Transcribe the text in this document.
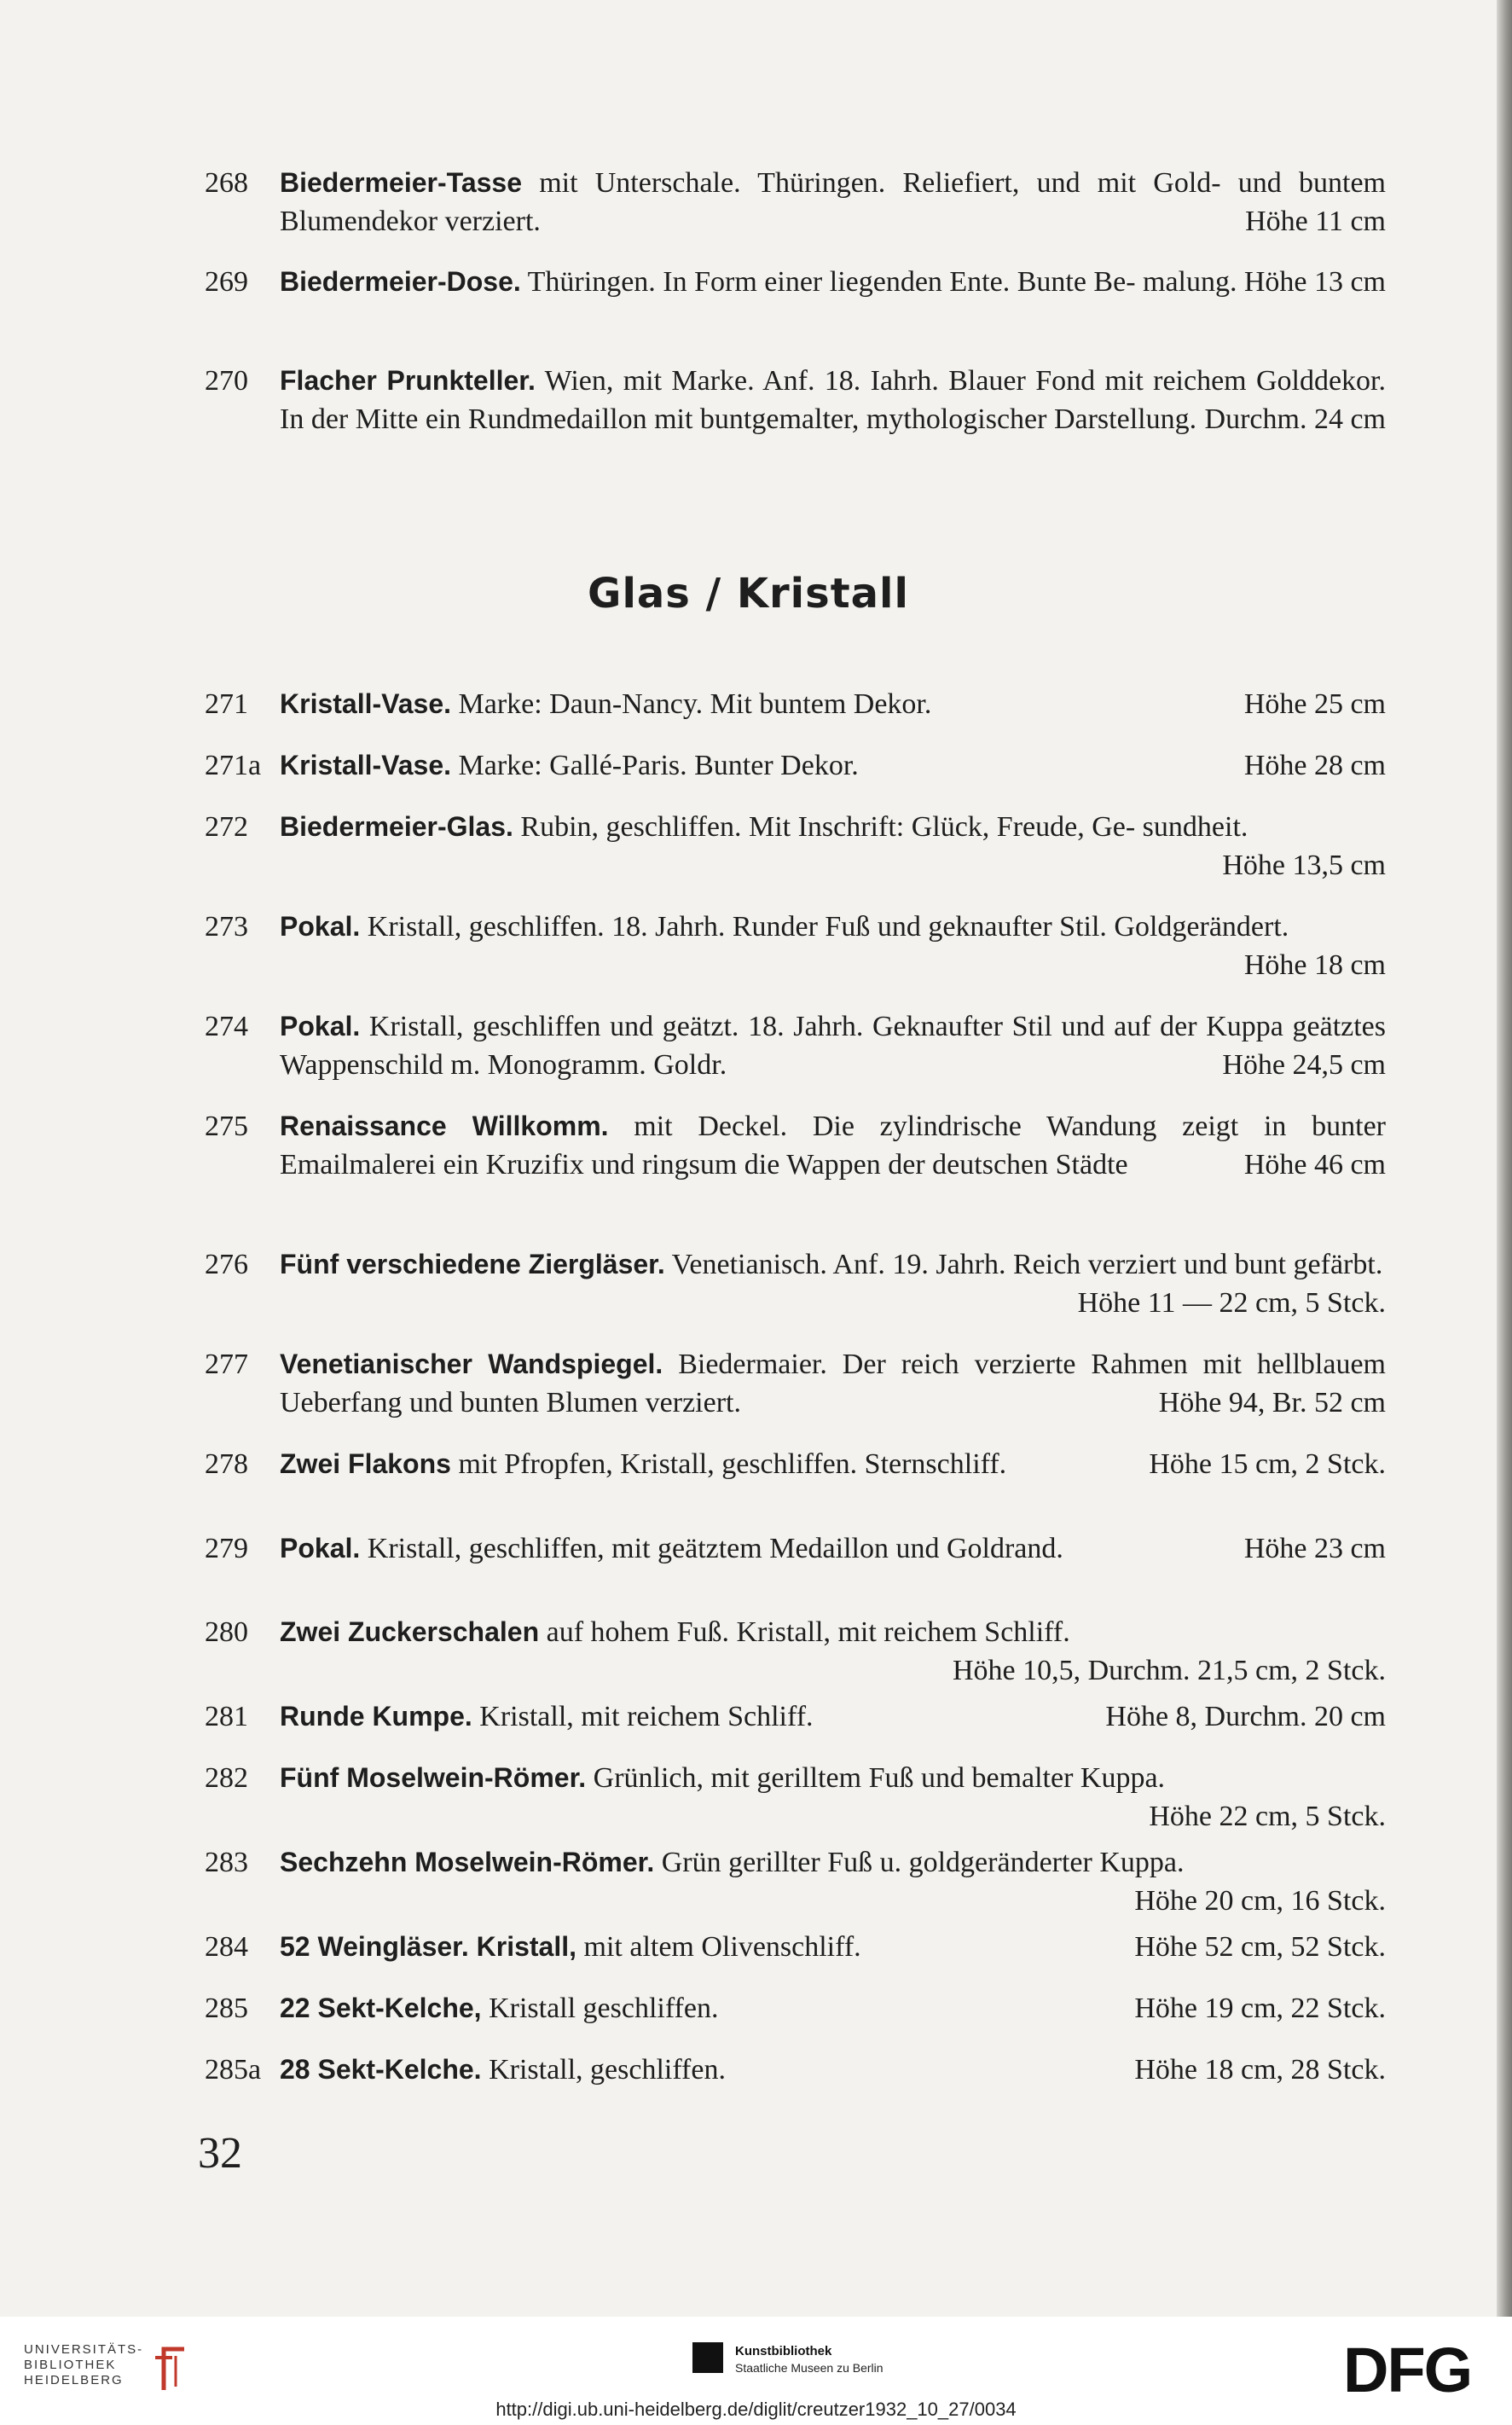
268 Biedermeier-Tasse mit Unterschale. Thüringen. Reliefiert, und mit Gold- und buntem Blumendekor verziert.	Höhe 11 cm
269 Biedermeier-Dose. Thüringen. In Form einer liegenden Ente. Bunte Be- malung. Höhe 13 cm
270 Flacher Prunkteller. Wien, mit Marke. Anf. 18. Iahrh. Blauer Fond mit reichem Golddekor. In der Mitte ein Rundmedaillon mit buntgemalter, mythologischer Darstellung. Durchm. 24 cm
Glas / Kristall
271 Kristall-Vase. Marke: Daun-Nancy. Mit buntem Dekor.	Höhe 25 cm
271a Kristall-Vase. Marke: Gallé-Paris. Bunter Dekor.	Höhe 28 cm
272 Biedermeier-Glas. Rubin, geschliffen. Mit Inschrift: Glück, Freude, Ge- sundheit.
Höhe 13,5 cm
273 Pokal. Kristall, geschliffen. 18. Jahrh. Runder Fuß und geknaufter Stil. Goldgerändert.
Höhe 18 cm
274 Pokal. Kristall, geschliffen und geätzt. 18. Jahrh. Geknaufter Stil und auf der Kuppa geätztes Wappenschild m. Monogramm. Goldr.	Höhe 24,5 cm
275 Renaissance Willkomm. mit Deckel. Die zylindrische Wandung zeigt in bunter Emailmalerei ein Kruzifix und ringsum die Wappen der deutschen Städte	Höhe 46 cm
276 Fünf verschiedene Ziergläser. Venetianisch. Anf. 19. Jahrh. Reich verziert und bunt gefärbt.
Höhe 11 — 22 cm, 5 Stck.
277 Venetianischer Wandspiegel. Biedermaier. Der reich verzierte Rahmen mit hellblauem Ueberfang und bunten Blumen verziert.	Höhe 94, Br. 52 cm
278 Zwei Flakons mit Pfropfen, Kristall, geschliffen. Sternschliff.	Höhe 15 cm, 2 Stck.
279 Pokal. Kristall, geschliffen, mit geätztem Medaillon und Goldrand.	Höhe 23 cm
280 Zwei Zuckerschalen auf hohem Fuß. Kristall, mit reichem Schliff.
Höhe 10,5, Durchm. 21,5 cm, 2 Stck.
281 Runde Kumpe. Kristall, mit reichem Schliff.	Höhe 8, Durchm. 20 cm
282 Fünf Moselwein-Römer. Grünlich, mit gerilltem Fuß und bemalter Kuppa.
Höhe 22 cm, 5 Stck.
283 Sechzehn Moselwein-Römer. Grün gerillter Fuß u. goldgeränderter Kuppa.
Höhe 20 cm, 16 Stck.
284 52 Weingläser. Kristall, mit altem Olivenschliff.	Höhe 52 cm, 52 Stck.
285 22 Sekt-Kelche, Kristall geschliffen.	Höhe 19 cm, 22 Stck.
285a 28 Sekt-Kelche. Kristall, geschliffen.	Höhe 18 cm, 28 Stck.
32
UNIVERSITÄTS-
BIBLIOTHEK
HEIDELBERG
Kunstbibliothek
Staatliche Museen zu Berlin	DFG
http://digi.ub.uni-heidelberg.de/diglit/creutzer1932_10_27/0034
